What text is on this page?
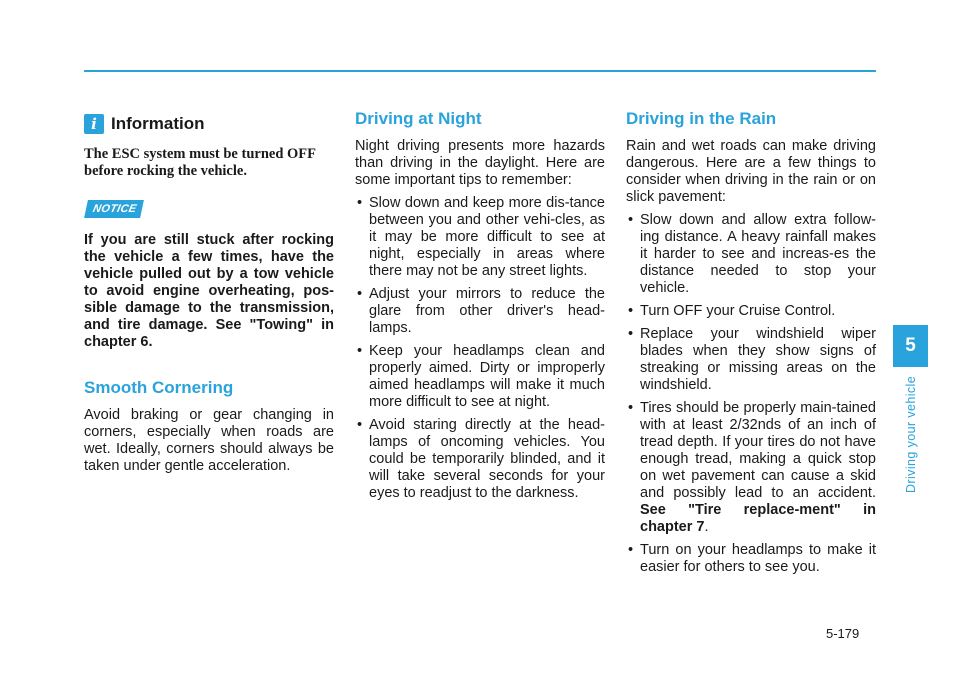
i Information

The ESC system must be turned OFF before rocking the vehicle.

NOTICE

If you are still stuck after rocking the vehicle a few times, have the vehicle pulled out by a tow vehicle to avoid engine overheating, pos-sible damage to the transmission, and tire damage. See "Towing" in chapter 6.

Smooth Cornering

Avoid braking or gear changing in corners, especially when roads are wet. Ideally, corners should always be taken under gentle acceleration.

Driving at Night

Night driving presents more hazards than driving in the daylight. Here are some important tips to remember:

• Slow down and keep more dis-tance between you and other vehi-cles, as it may be more difficult to see at night, especially in areas where there may not be any street lights.
• Adjust your mirrors to reduce the glare from other driver's head-lamps.
• Keep your headlamps clean and properly aimed. Dirty or improperly aimed headlamps will make it much more difficult to see at night.
• Avoid staring directly at the head-lamps of oncoming vehicles. You could be temporarily blinded, and it will take several seconds for your eyes to readjust to the darkness.
Driving in the Rain

Rain and wet roads can make driving dangerous. Here are a few things to consider when driving in the rain or on slick pavement:

• Slow down and allow extra follow-ing distance. A heavy rainfall makes it harder to see and increas-es the distance needed to stop your vehicle.
• Turn OFF your Cruise Control.
• Replace your windshield wiper blades when they show signs of streaking or missing areas on the windshield.
• Tires should be properly main-tained with at least 2/32nds of an inch of tread depth. If your tires do not have enough tread, making a quick stop on wet pavement can cause a skid and possibly lead to an accident. See "Tire replace-ment" in chapter 7.
• Turn on your headlamps to make it easier for others to see you.
5
Driving your vehicle
5-179
